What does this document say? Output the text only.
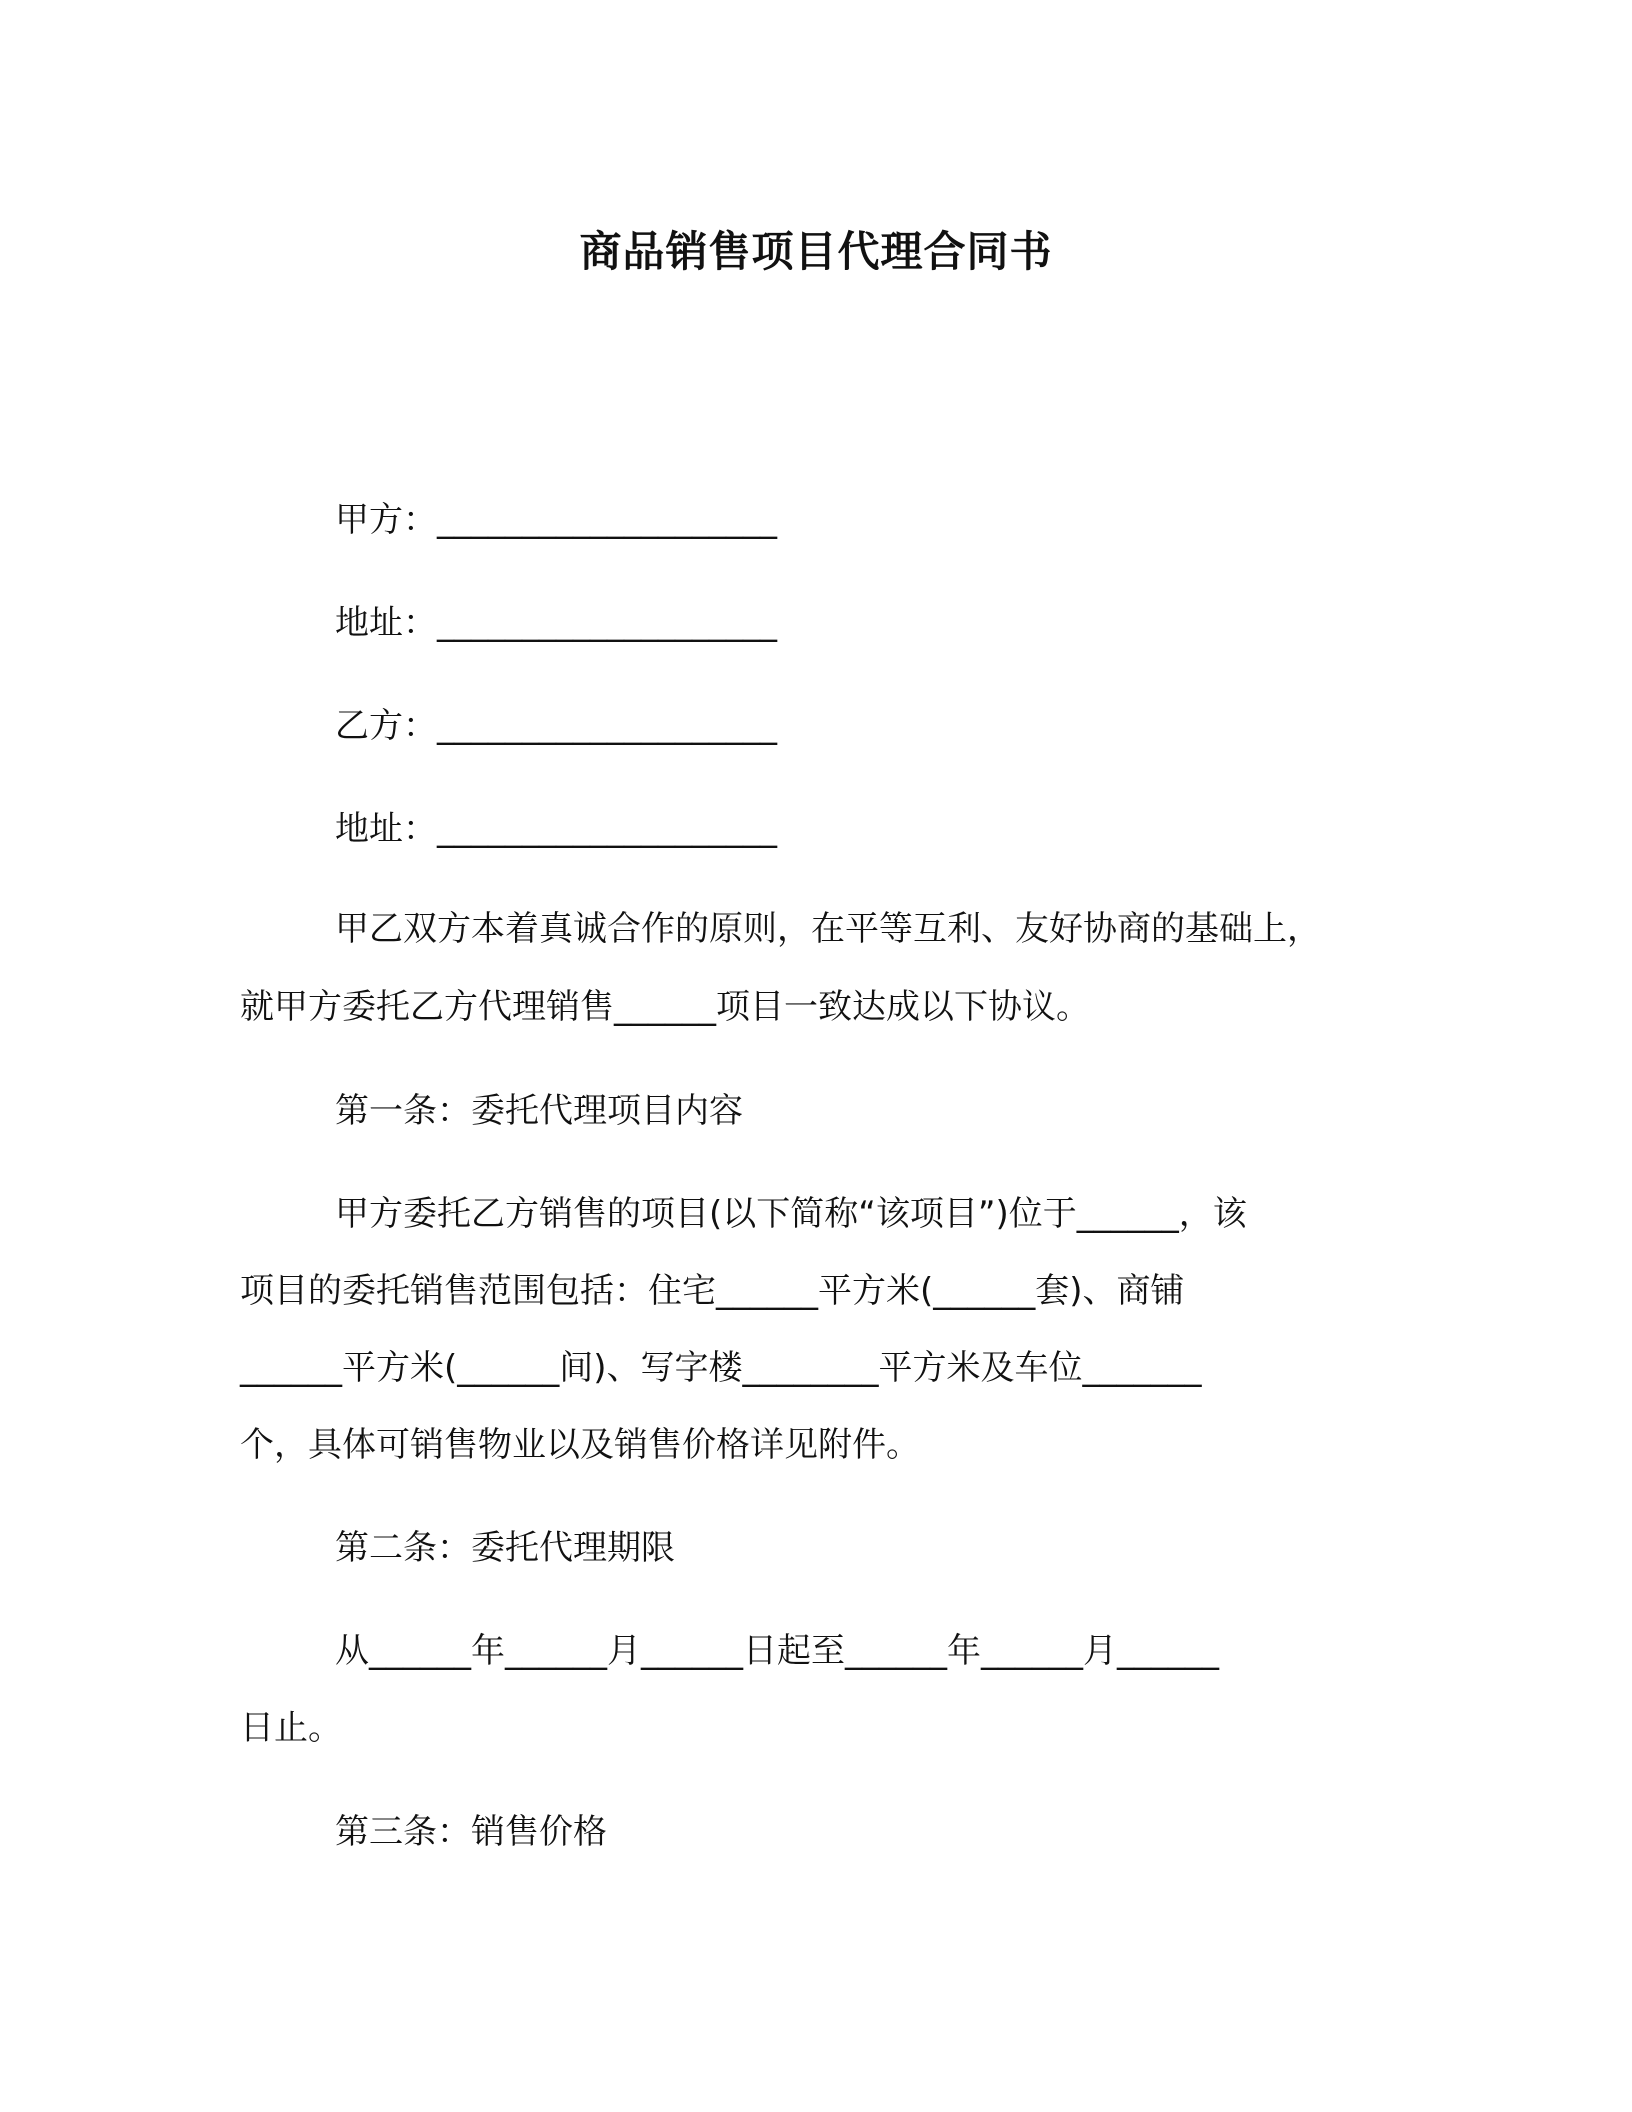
商品销售项目代理合同书
甲方：____________________
地址：____________________
乙方：____________________
地址：____________________
甲乙双方本着真诚合作的原则，在平等互利、友好协商的基础上，
就甲方委托乙方代理销售______项目一致达成以下协议。
第一条：委托代理项目内容
甲方委托乙方销售的项目(以下简称“该项目”)位于______，该
项目的委托销售范围包括：住宅______平方米(______套)、商铺
______平方米(______间)、写字楼________平方米及车位_______
个，具体可销售物业以及销售价格详见附件。
第二条：委托代理期限
从______年______月______日起至______年______月______
日止。
第三条：销售价格
